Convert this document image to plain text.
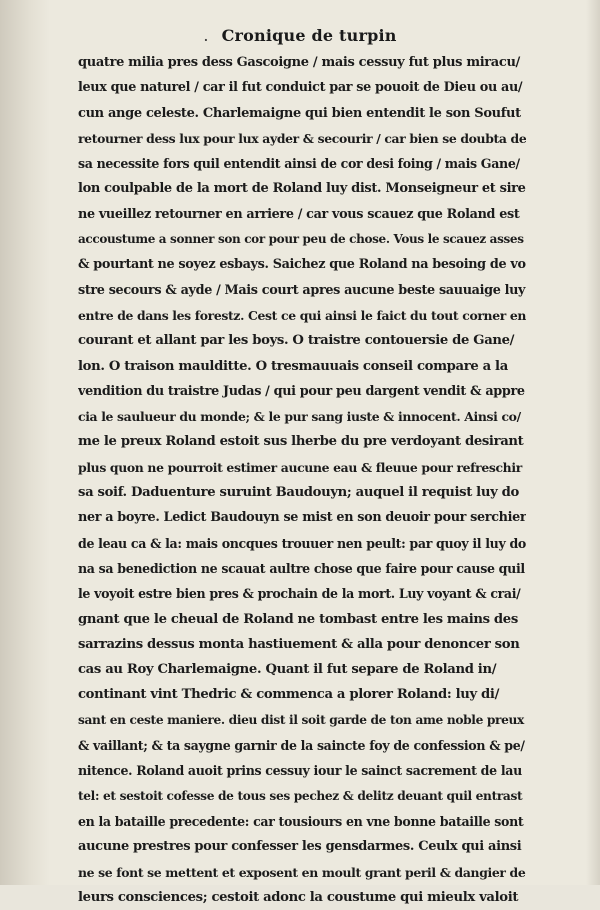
. Cronique de turpin
quatre milia pres dess Gascoigne / mais cessuy fut plus miracu/
leux que naturel / car il fut conduict par se pouoit de Dieu ou au/
cun ange celeste. Charlemaigne qui bien entendit le son Soufut
retourner dess lux pour lux ayder & secourir / car bien se doubta de
sa necessite fors quil entendit ainsi de cor desi foing / mais Gane/
lon coulpable de la mort de Roland luy dist. Monseigneur et sire
ne vueillez retourner en arriere / car vous scauez que Roland est
accoustume a sonner son cor pour peu de chose. Vous le scauez asses
& pourtant ne soyez esbays. Saichez que Roland na besoing de vo
stre secours & ayde / Mais court apres aucune beste sauuaige luy
entre de dans les forestz. Cest ce qui ainsi le faict du tout corner en
courant et allant par les boys. O traistre contouersie de Gane/
lon. O traison maulditte. O tresmauuais conseil compare a la
vendition du traistre Judas / qui pour peu dargent vendit & appre
cia le saulueur du monde; & le pur sang iuste & innocent. Ainsi co/
me le preux Roland estoit sus lherbe du pre verdoyant desirant
plus quon ne pourroit estimer aucune eau & fleuue pour refreschir
sa soif. Daduenture suruint Baudouyn; auquel il requist luy do
ner a boyre. Ledict Baudouyn se mist en son deuoir pour serchier
de leau ca & la: mais oncques trouuer nen peult: par quoy il luy do
na sa benediction ne scauat aultre chose que faire pour cause quil
le voyoit estre bien pres & prochain de la mort. Luy voyant & crai/
gnant que le cheual de Roland ne tombast entre les mains des
sarrazins dessus monta hastiuement & alla pour denoncer son
cas au Roy Charlemaigne. Quant il fut separe de Roland in/
continant vint Thedric & commenca a plorer Roland: luy di/
sant en ceste maniere. dieu dist il soit garde de ton ame noble preux
& vaillant; & ta saygne garnir de la saincte foy de confession & pe/
nitence. Roland auoit prins cessuy iour le sainct sacrement de lau
tel: et sestoit cofesse de tous ses pechez & delitz deuant quil entrast
en la bataille precedente: car tousiours en vne bonne bataille sont
aucune prestres pour confesser les gensdarmes. Ceulx qui ainsi
ne se font se mettent et exposent en moult grant peril & dangier de
leurs consciences; cestoit adonc la coustume qui mieulx valoit
